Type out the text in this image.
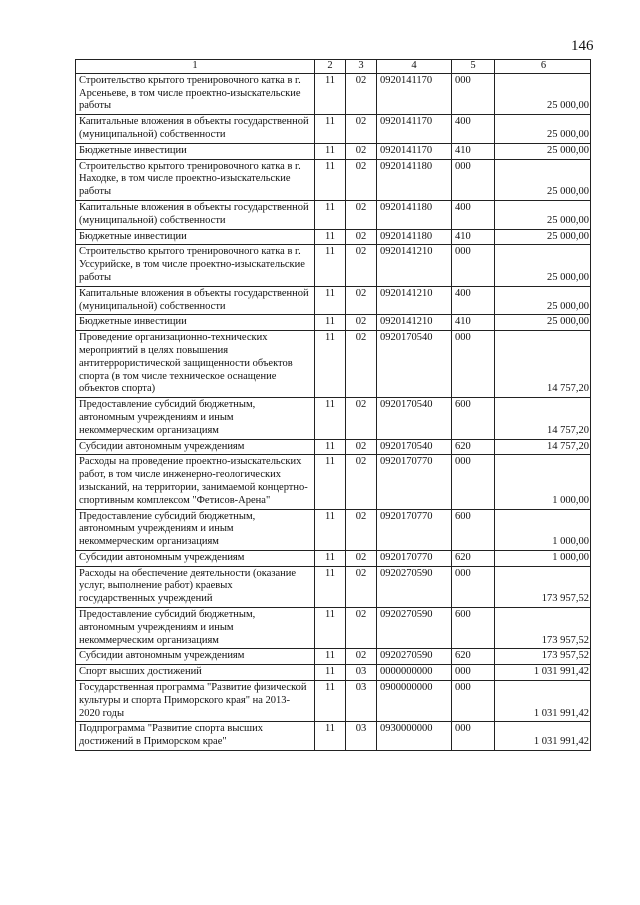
146
1	2	3	4	5	6
Строительство крытого тренировочного катка в г. Арсеньеве, в том числе проектно-изыскательские работы	11	02	0920141170	000	25 000,00
Капитальные вложения в объекты государственной (муниципальной) собственности	11	02	0920141170	400	25 000,00
Бюджетные инвестиции	11	02	0920141170	410	25 000,00
Строительство крытого тренировочного катка в г. Находке, в том числе проектно-изыскательские работы	11	02	0920141180	000	25 000,00
Капитальные вложения в объекты государственной (муниципальной) собственности	11	02	0920141180	400	25 000,00
Бюджетные инвестиции	11	02	0920141180	410	25 000,00
Строительство крытого тренировочного катка в г. Уссурийске, в том числе проектно-изыскательские работы	11	02	0920141210	000	25 000,00
Капитальные вложения в объекты государственной (муниципальной) собственности	11	02	0920141210	400	25 000,00
Бюджетные инвестиции	11	02	0920141210	410	25 000,00
Проведение организационно-технических мероприятий в целях повышения антитеррористической защищенности объектов спорта (в том числе техническое оснащение объектов спорта)	11	02	0920170540	000	14 757,20
Предоставление субсидий бюджетным, автономным учреждениям и иным некоммерческим организациям	11	02	0920170540	600	14 757,20
Субсидии автономным учреждениям	11	02	0920170540	620	14 757,20
Расходы на проведение проектно-изыскательских работ, в том числе инженерно-геологических изысканий, на территории, занимаемой концертно-спортивным комплексом "Фетисов-Арена"	11	02	0920170770	000	1 000,00
Предоставление субсидий бюджетным, автономным учреждениям и иным некоммерческим организациям	11	02	0920170770	600	1 000,00
Субсидии автономным учреждениям	11	02	0920170770	620	1 000,00
Расходы на обеспечение деятельности (оказание услуг, выполнение работ) краевых государственных учреждений	11	02	0920270590	000	173 957,52
Предоставление субсидий бюджетным, автономным учреждениям и иным некоммерческим организациям	11	02	0920270590	600	173 957,52
Субсидии автономным учреждениям	11	02	0920270590	620	173 957,52
Спорт высших достижений	11	03	0000000000	000	1 031 991,42
Государственная программа "Развитие физической культуры и спорта Приморского края" на 2013-2020 годы	11	03	0900000000	000	1 031 991,42
Подпрограмма "Развитие спорта высших достижений в Приморском крае"	11	03	0930000000	000	1 031 991,42
